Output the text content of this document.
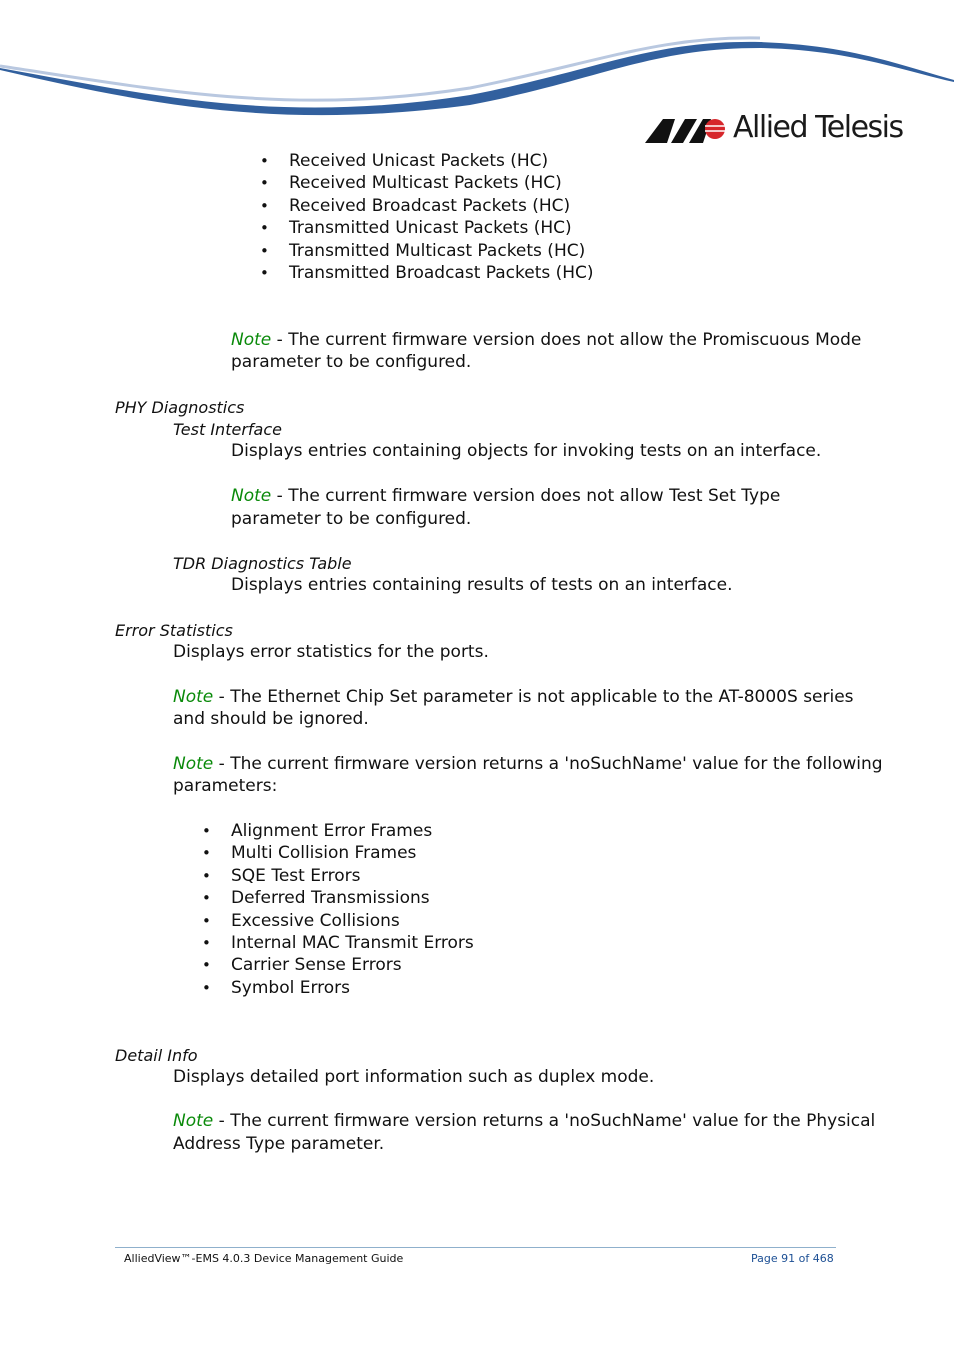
Allied Telesis
• Received Unicast Packets (HC)
• Received Multicast Packets (HC)
• Received Broadcast Packets (HC)
• Transmitted Unicast Packets (HC)
• Transmitted Multicast Packets (HC)
• Transmitted Broadcast Packets (HC)
Note - The current firmware version does not allow the Promiscuous Mode
parameter to be configured.
PHY Diagnostics
Test Interface
Displays entries containing objects for invoking tests on an interface.
Note - The current firmware version does not allow Test Set Type
parameter to be configured.
TDR Diagnostics Table
Displays entries containing results of tests on an interface.
Error Statistics
Displays error statistics for the ports.
Note - The Ethernet Chip Set parameter is not applicable to the AT-8000S series
and should be ignored.
Note - The current firmware version returns a 'noSuchName' value for the following
parameters:
• Alignment Error Frames
• Multi Collision Frames
• SQE Test Errors
• Deferred Transmissions
• Excessive Collisions
• Internal MAC Transmit Errors
• Carrier Sense Errors
• Symbol Errors
Detail Info
Displays detailed port information such as duplex mode.
Note - The current firmware version returns a 'noSuchName' value for the Physical
Address Type parameter.
AlliedView™-EMS 4.0.3 Device Management Guide	Page 91 of 468
